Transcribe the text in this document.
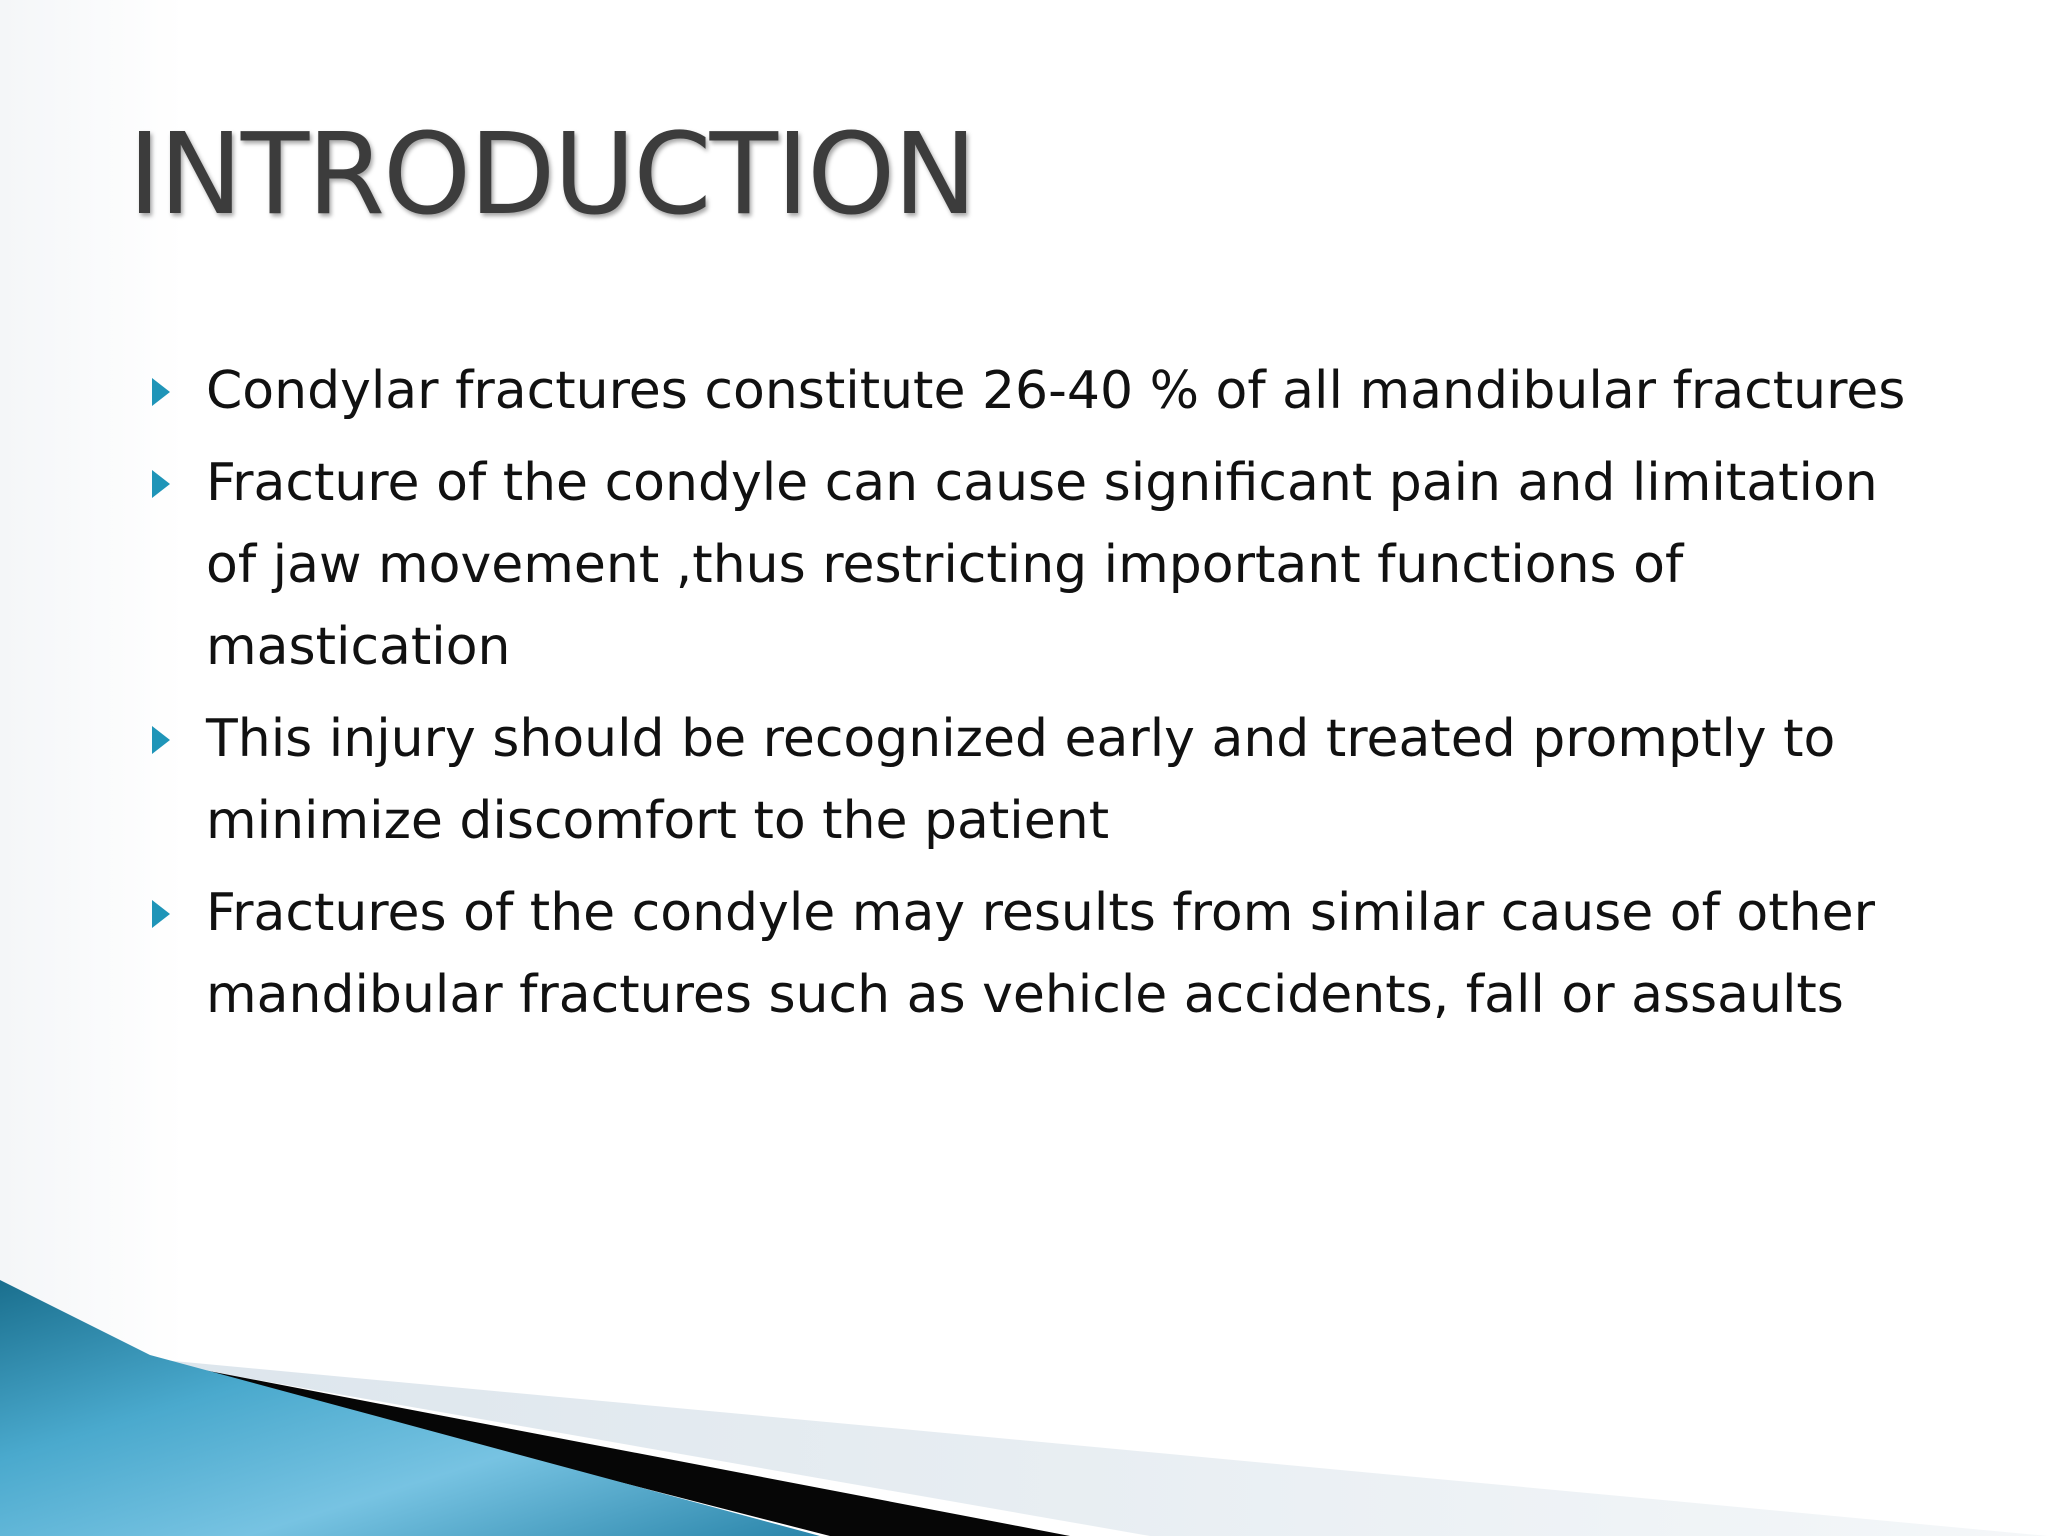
INTRODUCTION
Condylar fractures constitute 26-40 % of all mandibular fractures
Fracture of the condyle can cause significant pain and limitation of jaw movement ,thus restricting important functions of mastication
This injury should be recognized early and treated promptly to minimize discomfort to the patient
Fractures of the condyle may results from similar cause of other mandibular fractures such as vehicle accidents, fall or assaults
